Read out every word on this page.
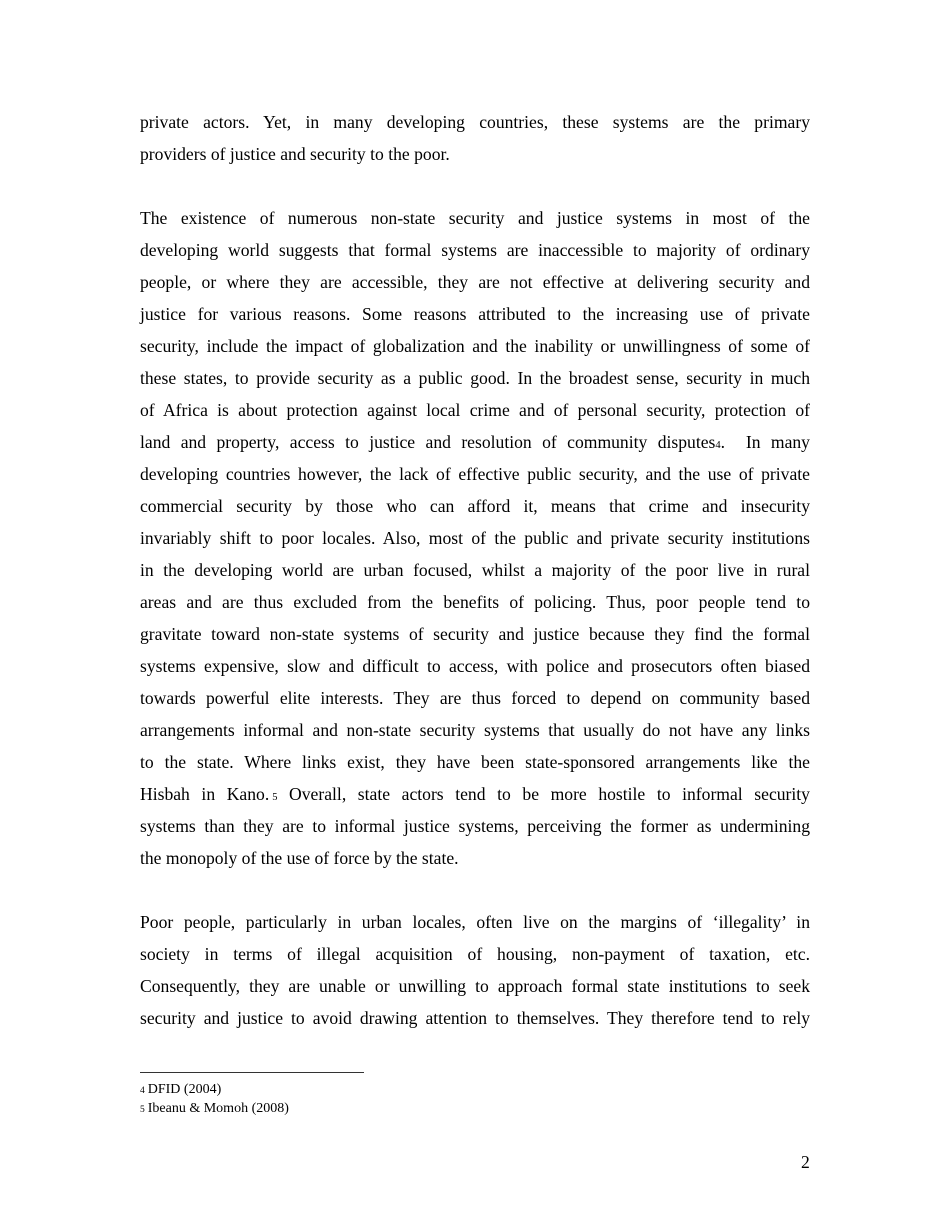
private actors. Yet, in many developing countries, these systems are the primary
providers of justice and security to the poor.
The existence of numerous non-state security and justice systems in most of the
developing world suggests that formal systems are inaccessible to majority of ordinary
people, or where they are accessible, they are not effective at delivering security and
justice for various reasons. Some reasons attributed to the increasing use of private
security, include the impact of globalization and the inability or unwillingness of some of
these states, to provide security as a public good. In the broadest sense, security in much
of Africa is about protection against local crime and of personal security, protection of
land and property, access to justice and resolution of community disputes4.  In many
developing countries however, the lack of effective public security, and the use of private
commercial security by those who can afford it, means that crime and insecurity
invariably shift to poor locales. Also, most of the public and private security institutions
in the developing world are urban focused, whilst a majority of the poor live in rural
areas and are thus excluded from the benefits of policing. Thus, poor people tend to
gravitate toward non-state systems of security and justice because they find the formal
systems expensive, slow and difficult to access, with police and prosecutors often biased
towards powerful elite interests. They are thus forced to depend on community based
arrangements informal and non-state security systems that usually do not have any links
to the state. Where links exist, they have been state-sponsored arrangements like the
Hisbah in Kano. 5 Overall, state actors tend to be more hostile to informal security
systems than they are to informal justice systems, perceiving the former as undermining
the monopoly of the use of force by the state.
Poor people, particularly in urban locales, often live on the margins of ‘illegality’ in
society in terms of illegal acquisition of housing, non-payment of taxation, etc.
Consequently, they are unable or unwilling to approach formal state institutions to seek
security and justice to avoid drawing attention to themselves. They therefore tend to rely
4 DFID (2004)
5 Ibeanu & Momoh (2008)
2
